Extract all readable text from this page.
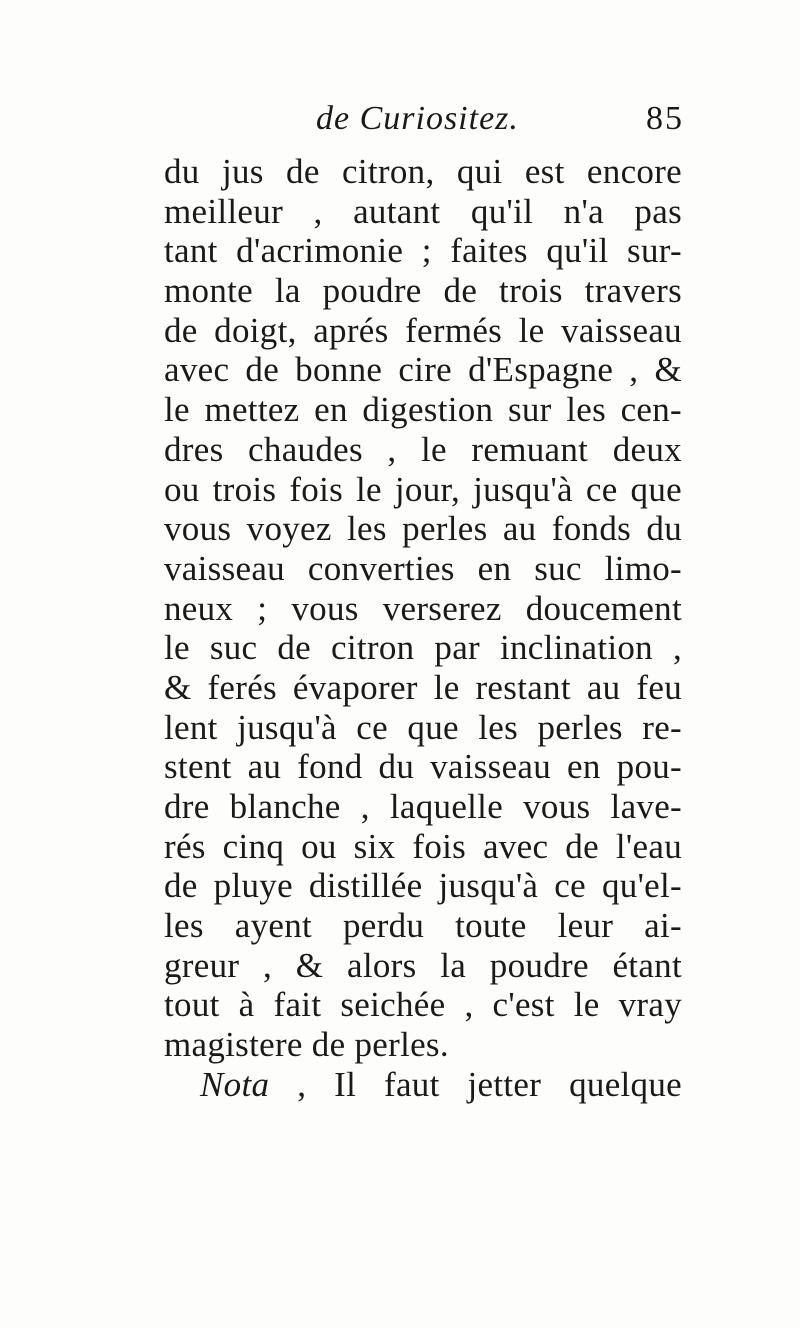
de Curiositez.	85
du jus de citron, qui est encore
meilleur , autant qu'il n'a pas
tant d'acrimonie ; faites qu'il sur-
monte la poudre de trois travers
de doigt, aprés fermés le vaisseau
avec de bonne cire d'Espagne , &
le mettez en digestion sur les cen-
dres chaudes , le remuant deux
ou trois fois le jour, jusqu'à ce que
vous voyez les perles au fonds du
vaisseau converties en suc limo-
neux ; vous verserez doucement
le suc de citron par inclination ,
& ferés évaporer le restant au feu
lent jusqu'à ce que les perles re-
stent au fond du vaisseau en pou-
dre blanche , laquelle vous lave-
rés cinq ou six fois avec de l'eau
de pluye distillée jusqu'à ce qu'el-
les ayent perdu toute leur ai-
greur , & alors la poudre étant
tout à fait seichée , c'est le vray
magistere de perles.
Nota , Il faut jetter quelque
